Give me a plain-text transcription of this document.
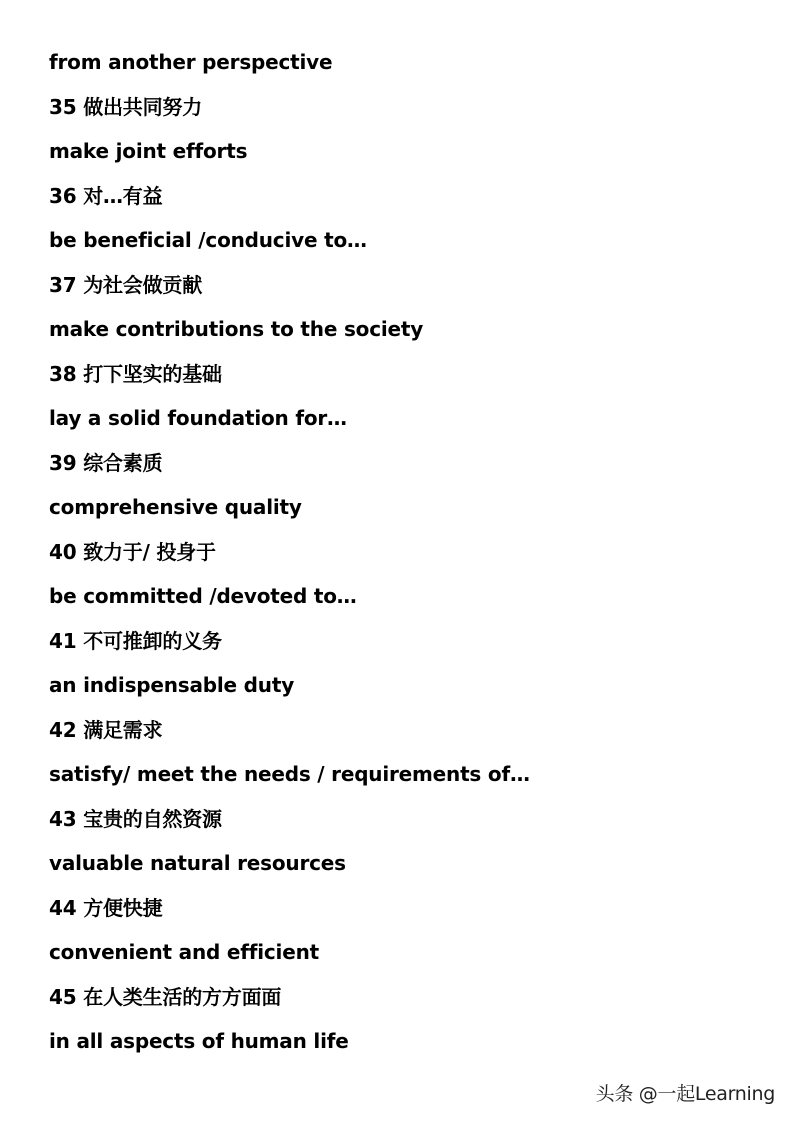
from another perspective
35 做出共同努力
make joint efforts
36 对…有益
be beneficial /conducive to…
37 为社会做贡献
make contributions to the society
38 打下坚实的基础
lay a solid foundation for…
39 综合素质
comprehensive quality
40 致力于/ 投身于
be committed /devoted to…
41 不可推卸的义务
an indispensable duty
42 满足需求
satisfy/ meet the needs / requirements of…
43 宝贵的自然资源
valuable natural resources
44 方便快捷
convenient and efficient
45 在人类生活的方方面面
in all aspects of human life
头条 @一起Learning
